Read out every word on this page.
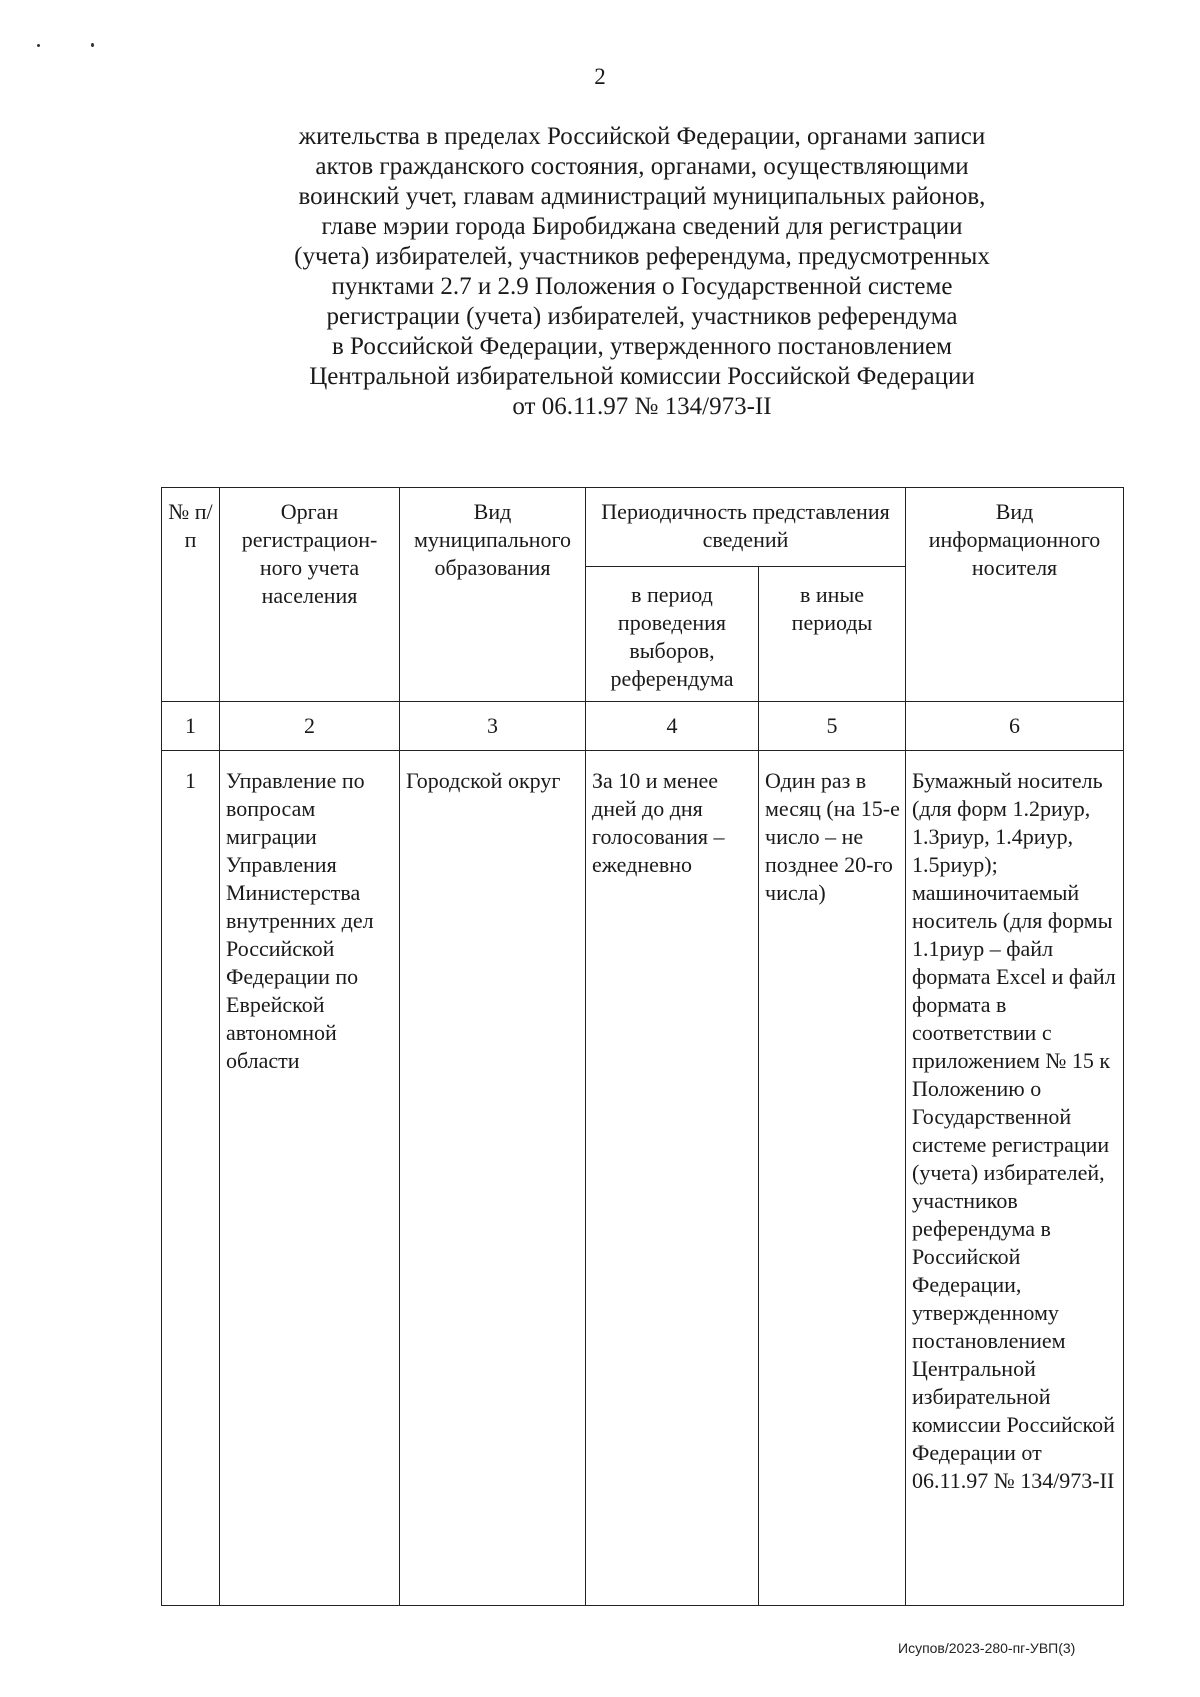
2
жительства в пределах Российской Федерации, органами записи
актов гражданского состояния, органами, осуществляющими
воинский учет, главам администраций муниципальных районов,
главе мэрии города Биробиджана сведений для регистрации
(учета) избирателей, участников референдума, предусмотренных
пунктами 2.7 и 2.9 Положения о Государственной системе
регистрации (учета) избирателей, участников референдума
в Российской Федерации, утвержденного постановлением
Центральной избирательной комиссии Российской Федерации
от 06.11.97 № 134/973-II
№ п/п	Орган регистрацион-ного учета населения	Вид муниципального образования	Периодичность представления сведений		Вид информационного носителя
			в период проведения выборов, референдума	в иные периоды	
1	2	3	4	5	6
1	Управление по вопросам миграции Управления Министерства внутренних дел Российской Федерации по Еврейской автономной области	Городской округ	За 10 и менее дней до дня голосования – ежедневно	Один раз в месяц (на 15-е число – не позднее 20-го числа)	Бумажный носитель (для форм 1.2риур, 1.3риур, 1.4риур, 1.5риур); машиночитаемый носитель (для формы 1.1риур – файл формата Excel и файл формата в соответствии с приложением № 15 к Положению о Государственной системе регистрации (учета) избирателей, участников референдума в Российской Федерации, утвержденному постановлением Центральной избирательной комиссии Российской Федерации от 06.11.97 № 134/973-II
Исупов/2023-280-пг-УВП(3)
